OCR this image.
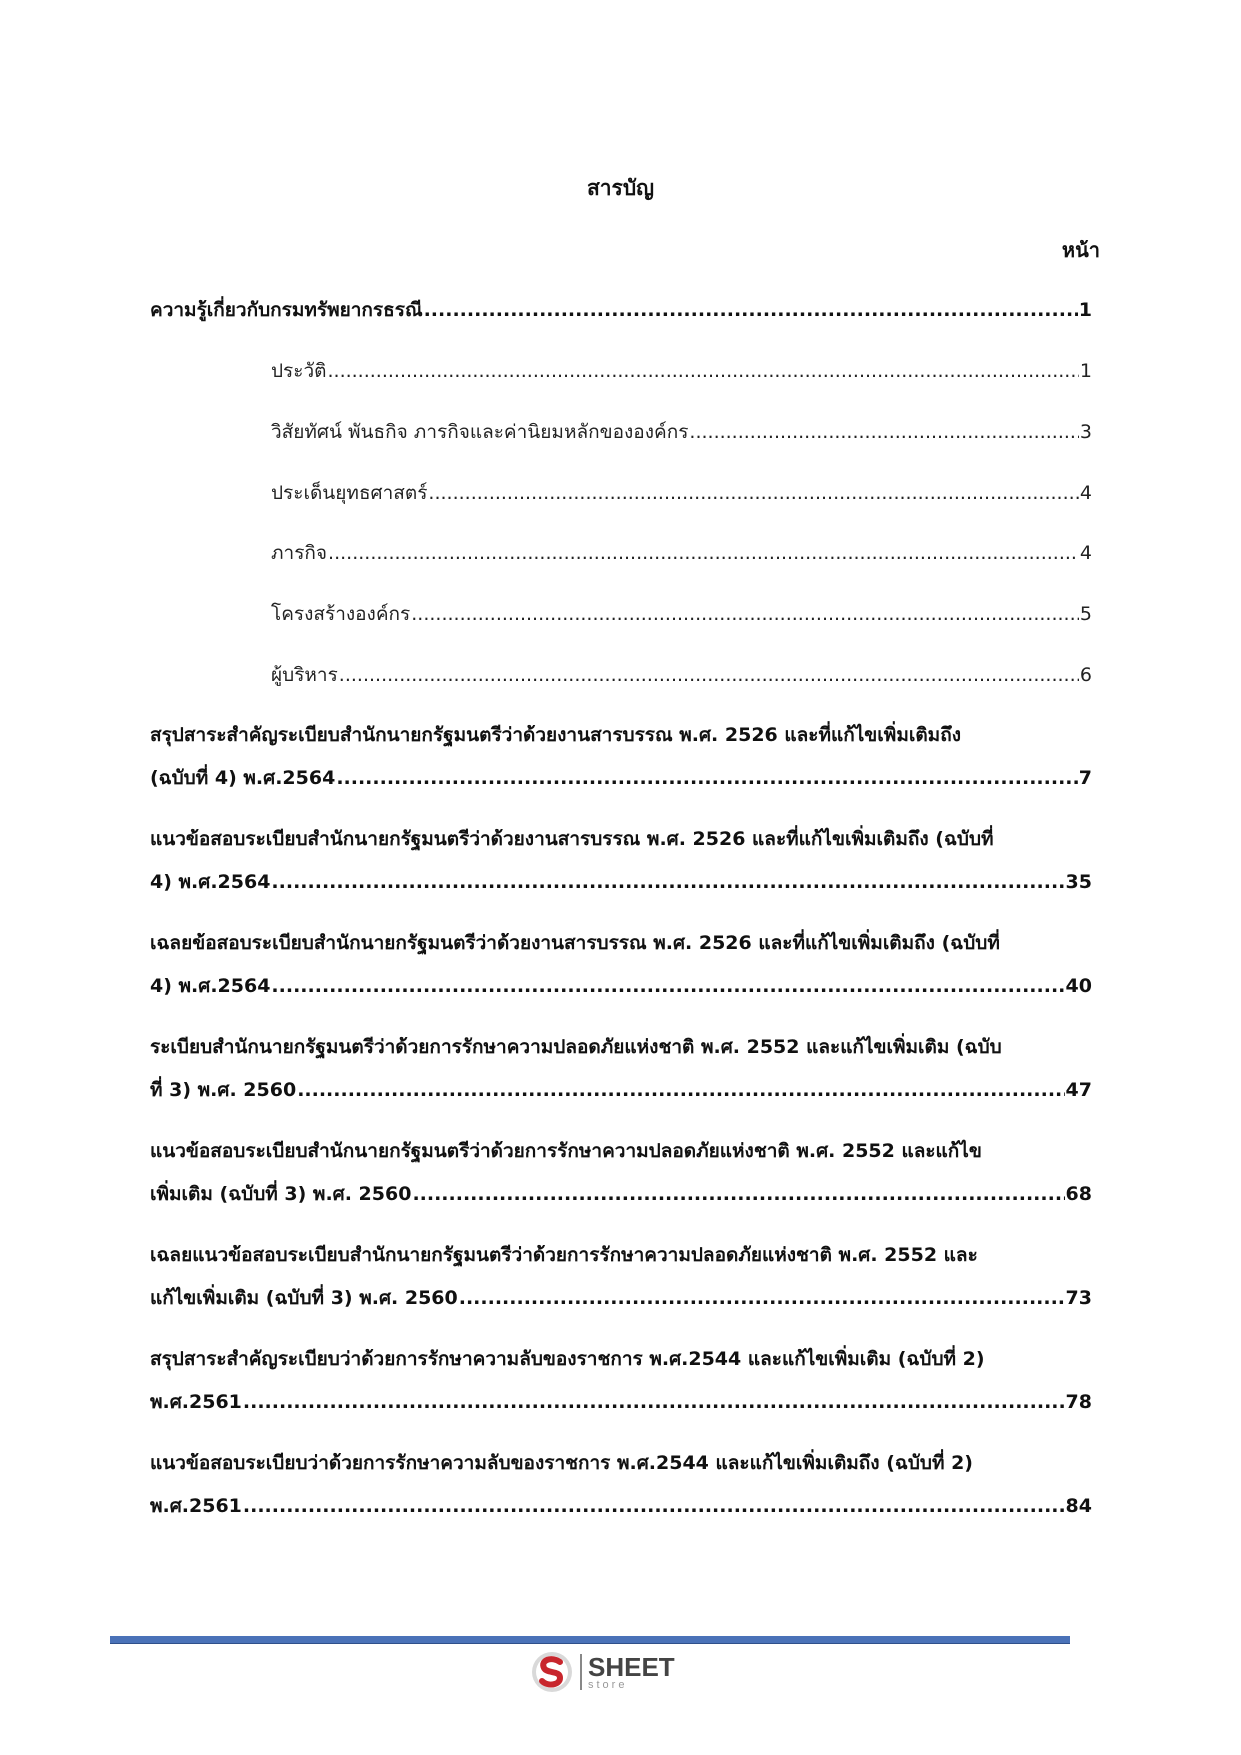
สารบัญ
หน้า
ความรู้เกี่ยวกับกรมทรัพยากรธรณี .....	1
ประวัติ .....	1
วิสัยทัศน์ พันธกิจ ภารกิจและค่านิยมหลักขององค์กร .....	3
ประเด็นยุทธศาสตร์ .....	4
ภารกิจ .....	4
โครงสร้างองค์กร .....	5
ผู้บริหาร .....	6
สรุปสาระสำคัญระเบียบสำนักนายกรัฐมนตรีว่าด้วยงานสารบรรณ พ.ศ. 2526 และที่แก้ไขเพิ่มเติมถึง
(ฉบับที่ 4) พ.ศ.2564 .....	7
แนวข้อสอบระเบียบสำนักนายกรัฐมนตรีว่าด้วยงานสารบรรณ พ.ศ. 2526 และที่แก้ไขเพิ่มเติมถึง (ฉบับที่
4) พ.ศ.2564 .....	35
เฉลยข้อสอบระเบียบสำนักนายกรัฐมนตรีว่าด้วยงานสารบรรณ พ.ศ. 2526 และที่แก้ไขเพิ่มเติมถึง (ฉบับที่
4) พ.ศ.2564 .....	40
ระเบียบสำนักนายกรัฐมนตรีว่าด้วยการรักษาความปลอดภัยแห่งชาติ พ.ศ. 2552 และแก้ไขเพิ่มเติม (ฉบับ
ที่ 3) พ.ศ. 2560 .....	47
แนวข้อสอบระเบียบสำนักนายกรัฐมนตรีว่าด้วยการรักษาความปลอดภัยแห่งชาติ พ.ศ. 2552 และแก้ไข
เพิ่มเติม (ฉบับที่ 3) พ.ศ. 2560 .....	68
เฉลยแนวข้อสอบระเบียบสำนักนายกรัฐมนตรีว่าด้วยการรักษาความปลอดภัยแห่งชาติ พ.ศ. 2552 และ
แก้ไขเพิ่มเติม (ฉบับที่ 3) พ.ศ. 2560 .....	73
สรุปสาระสำคัญระเบียบว่าด้วยการรักษาความลับของราชการ พ.ศ.2544 และแก้ไขเพิ่มเติม (ฉบับที่ 2)
พ.ศ.2561 .....	78
แนวข้อสอบระเบียบว่าด้วยการรักษาความลับของราชการ พ.ศ.2544 และแก้ไขเพิ่มเติมถึง (ฉบับที่ 2)
พ.ศ.2561 .....	84
SHEET
store
